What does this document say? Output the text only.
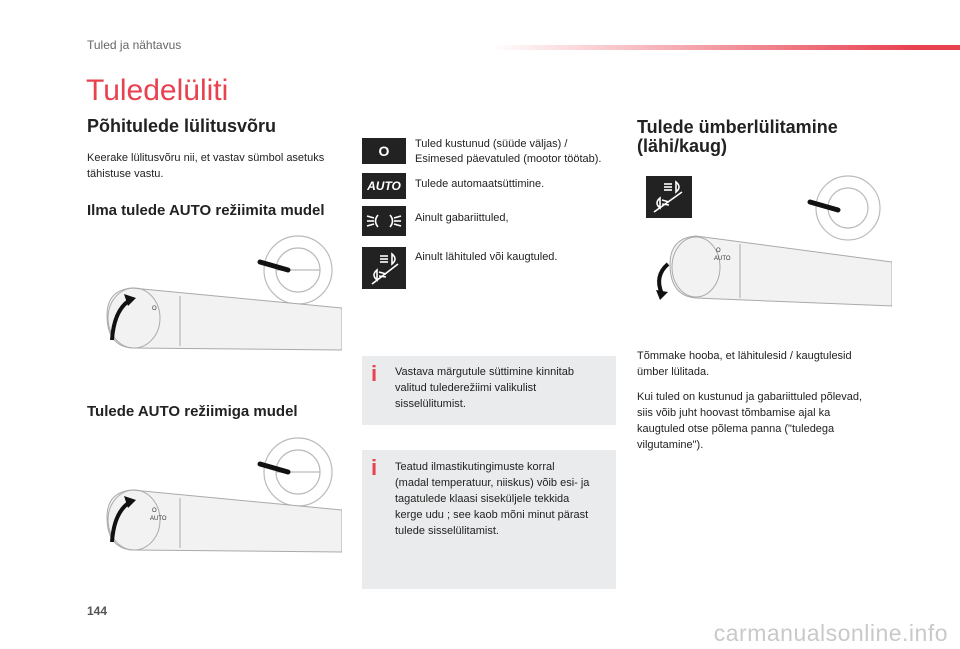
Tuled ja nähtavus
Tuledelüliti
Põhitulede lülitusvõru
Keerake lülitusvõru nii, et vastav sümbol asetuks tähistuse vastu.
Ilma tulede AUTO režiimita mudel
Tulede AUTO režiimiga mudel
O
O
AUTO
O Tuled kustunud (süüde väljas) /
Esimesed päevatuled (mootor töötab).
AUTO Tulede automaatsüttimine.
Ainult gabariittuled,
Ainult lähituled või kaugtuled.
i Vastava märgutule süttimine kinnitab
valitud tulederežiimi valikulist
sisselülitumist.
i Teatud ilmastikutingimuste korral
(madal temperatuur, niiskus) võib esi- ja
tagatulede klaasi siseküljele tekkida
kerge udu ; see kaob mõni minut pärast
tulede sisselülitamist.
Tulede ümberlülitamine
(lähi/kaug)
O
AUTO
Tõmmake hooba, et lähitulesid / kaugtulesid
ümber lülitada.
Kui tuled on kustunud ja gabariittuled põlevad,
siis võib juht hoovast tõmbamise ajal ka
kaugtuled otse põlema panna ("tuledega
vilgutamine").
144
carmanualsonline.info
